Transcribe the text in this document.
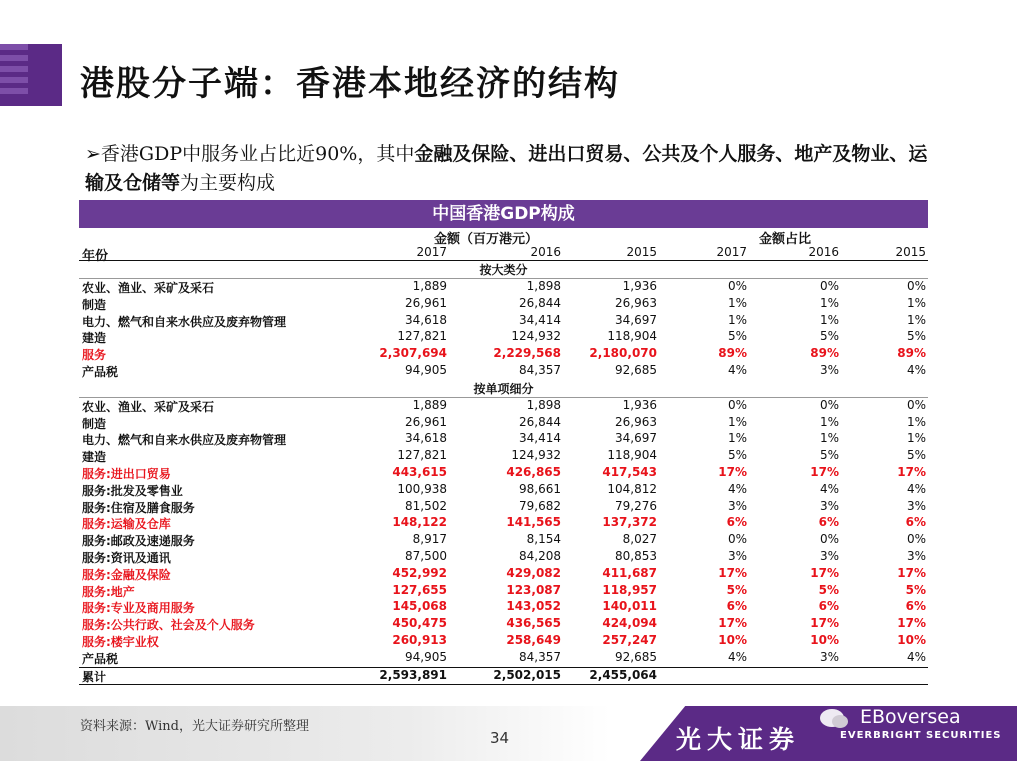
港股分子端：香港本地经济的结构
➢香港GDP中服务业占比近90%，其中金融及保险、进出口贸易、公共及个人服务、地产及物业、运输及仓储等为主要构成
中国香港GDP构成
金额（百万港元）	金额占比
年份	2017	2016	2015	2017	2016	2015
按大类分
农业、渔业、采矿及采石	1,889	1,898	1,936	0%	0%	0%
制造	26,961	26,844	26,963	1%	1%	1%
电力、燃气和自来水供应及废弃物管理	34,618	34,414	34,697	1%	1%	1%
建造	127,821	124,932	118,904	5%	5%	5%
服务	2,307,694	2,229,568	2,180,070	89%	89%	89%
产品税	94,905	84,357	92,685	4%	3%	4%
按单项细分
农业、渔业、采矿及采石	1,889	1,898	1,936	0%	0%	0%
制造	26,961	26,844	26,963	1%	1%	1%
电力、燃气和自来水供应及废弃物管理	34,618	34,414	34,697	1%	1%	1%
建造	127,821	124,932	118,904	5%	5%	5%
服务:进出口贸易	443,615	426,865	417,543	17%	17%	17%
服务:批发及零售业	100,938	98,661	104,812	4%	4%	4%
服务:住宿及膳食服务	81,502	79,682	79,276	3%	3%	3%
服务:运输及仓库	148,122	141,565	137,372	6%	6%	6%
服务:邮政及速递服务	8,917	8,154	8,027	0%	0%	0%
服务:资讯及通讯	87,500	84,208	80,853	3%	3%	3%
服务:金融及保险	452,992	429,082	411,687	17%	17%	17%
服务:地产	127,655	123,087	118,957	5%	5%	5%
服务:专业及商用服务	145,068	143,052	140,011	6%	6%	6%
服务:公共行政、社会及个人服务	450,475	436,565	424,094	17%	17%	17%
服务:楼宇业权	260,913	258,649	257,247	10%	10%	10%
产品税	94,905	84,357	92,685	4%	3%	4%
累计	2,593,891	2,502,015	2,455,064
资料来源：Wind，光大证券研究所整理
34	光大证券
EBoversea
EVERBRIGHT SECURITIES
